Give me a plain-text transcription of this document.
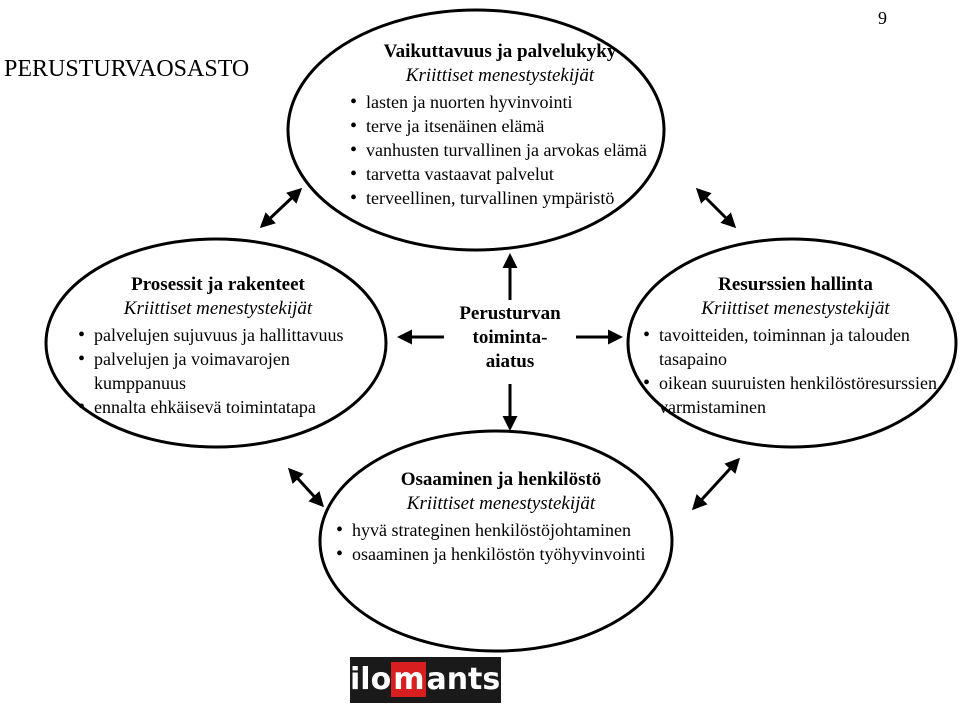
9
PERUSTURVAOSASTO
Vaikuttavuus ja palvelukyky
Kriittiset menestystekijät
• lasten ja nuorten hyvinvointi
• terve ja itsenäinen elämä
• vanhusten turvallinen ja arvokas elämä
• tarvetta vastaavat palvelut
• terveellinen, turvallinen ympäristö
Prosessit ja rakenteet
Kriittiset menestystekijät
• palvelujen sujuvuus ja hallittavuus
• palvelujen ja voimavarojen kumppanuus
• ennalta ehkäisevä toimintatapa
Resurssien hallinta
Kriittiset menestystekijät
• tavoitteiden, toiminnan ja talouden tasapaino
• oikean suuruisten henkilöstöresurssien varmistaminen
Osaaminen ja henkilöstö
Kriittiset menestystekijät
• hyvä strateginen henkilöstöjohtaminen
• osaaminen ja henkilöstön työhyvinvointi
Perusturvan
toiminta-
aiatus
ilomantsi
